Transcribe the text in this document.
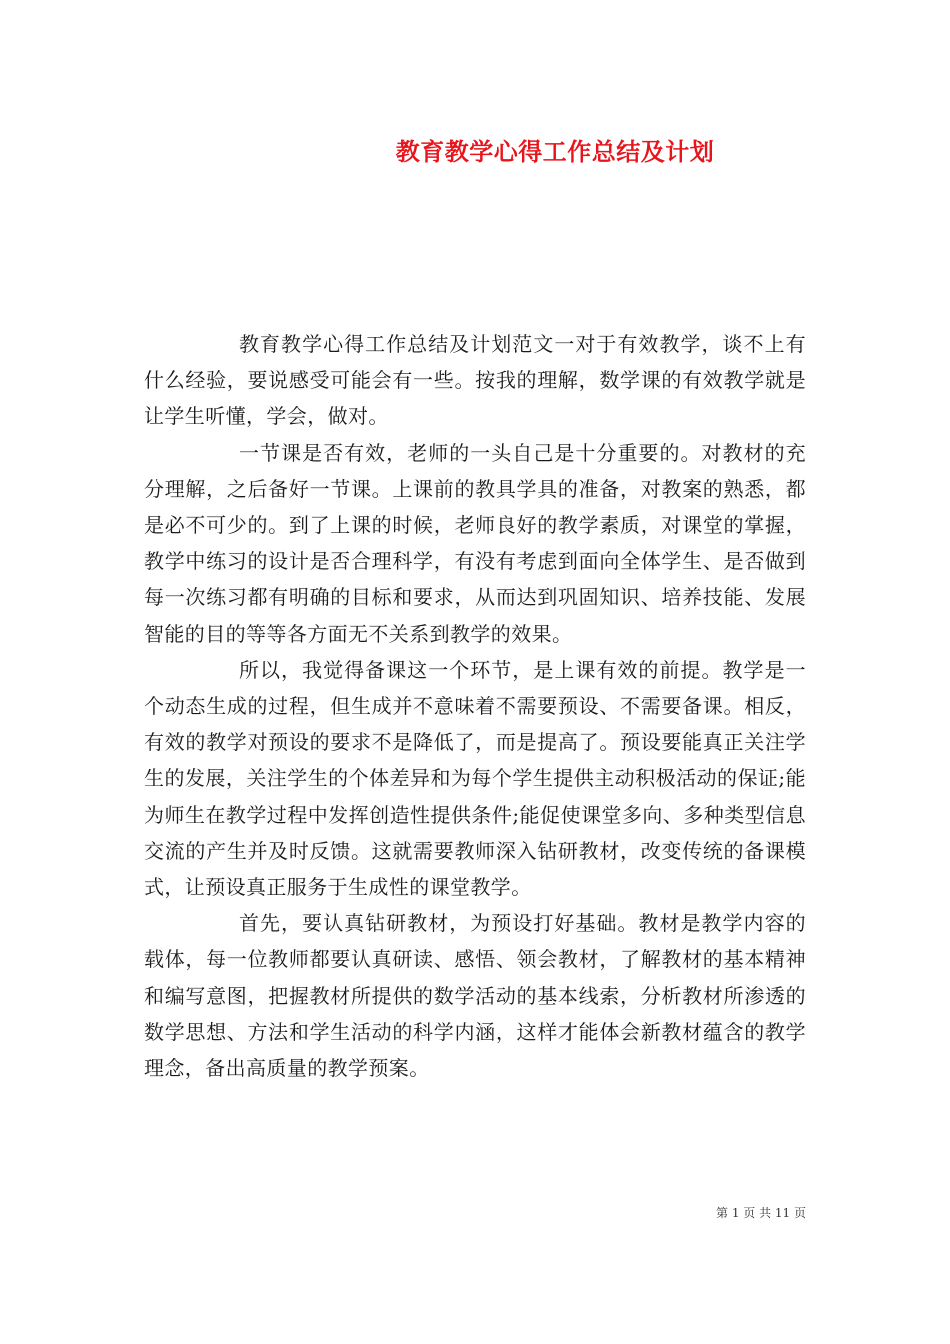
教育教学心得工作总结及计划

教育教学心得工作总结及计划范文一对于有效教学，谈不上有什么经验，要说感受可能会有一些。按我的理解，数学课的有效教学就是让学生听懂，学会，做对。

一节课是否有效，老师的一头自己是十分重要的。对教材的充分理解，之后备好一节课。上课前的教具学具的准备，对教案的熟悉，都是必不可少的。到了上课的时候，老师良好的教学素质，对课堂的掌握，教学中练习的设计是否合理科学，有没有考虑到面向全体学生、是否做到每一次练习都有明确的目标和要求，从而达到巩固知识、培养技能、发展智能的目的等等各方面无不关系到教学的效果。

所以，我觉得备课这一个环节，是上课有效的前提。教学是一个动态生成的过程，但生成并不意味着不需要预设、不需要备课。相反，有效的教学对预设的要求不是降低了，而是提高了。预设要能真正关注学生的发展，关注学生的个体差异和为每个学生提供主动积极活动的保证;能为师生在教学过程中发挥创造性提供条件;能促使课堂多向、多种类型信息交流的产生并及时反馈。这就需要教师深入钻研教材，改变传统的备课模式，让预设真正服务于生成性的课堂教学。

首先，要认真钻研教材，为预设打好基础。教材是教学内容的载体，每一位教师都要认真研读、感悟、领会教材，了解教材的基本精神和编写意图，把握教材所提供的数学活动的基本线索，分析教材所渗透的数学思想、方法和学生活动的科学内涵，这样才能体会新教材蕴含的教学理念，备出高质量的教学预案。

第 1 页 共 11 页
